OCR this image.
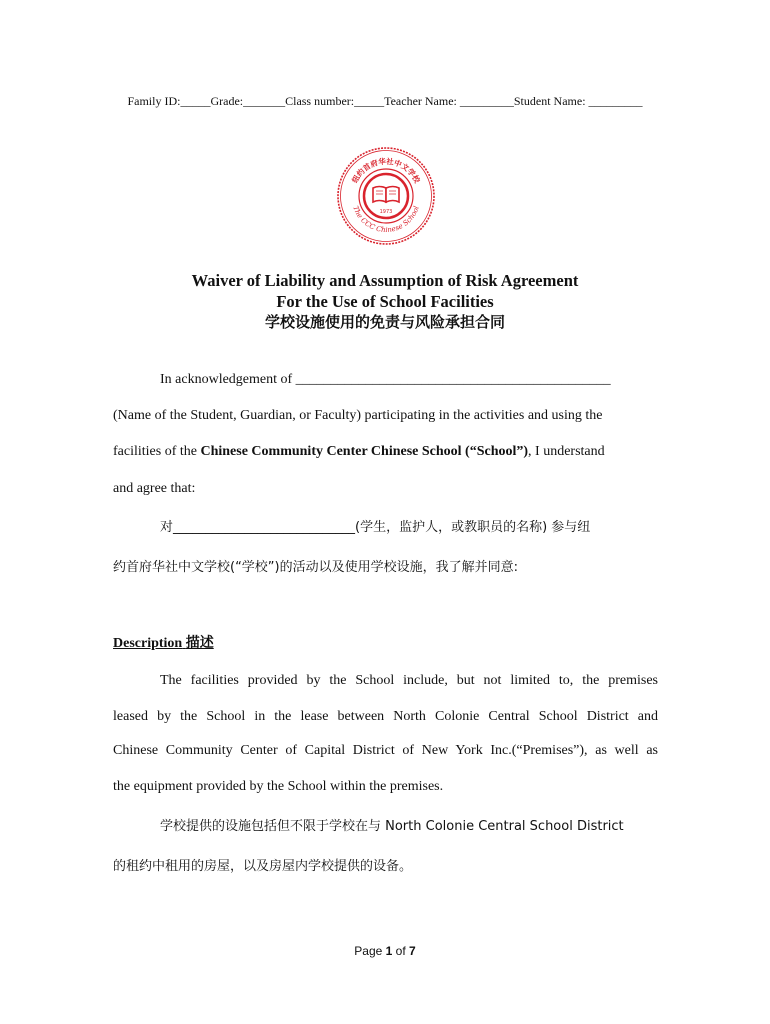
Family ID:_____Grade:_______Class number:_____Teacher Name: _________Student Name: _________
纽约首府华社中文学校
The CCC Chinese School
1973
Waiver of Liability and Assumption of Risk Agreement
For the Use of School Facilities
学校设施使用的免责与风险承担合同
In acknowledgement of _____________________________________________
(Name of the Student, Guardian, or Faculty) participating in the activities and using the
facilities of the Chinese Community Center Chinese School (“School”), I understand
and agree that:
对____________________________(学生，监护人，或教职员的名称) 参与纽
约首府华社中文学校(“学校”)的活动以及使用学校设施，我了解并同意:
Description 描述
The facilities provided by the School include, but not limited to, the premises
leased by the School in the lease between North Colonie Central School District and
Chinese Community Center of Capital District of New York Inc.(“Premises”), as well as
the equipment provided by the School within the premises.
学校提供的设施包括但不限于学校在与 North Colonie Central School District
的租约中租用的房屋，以及房屋内学校提供的设备。
Page 1 of 7
